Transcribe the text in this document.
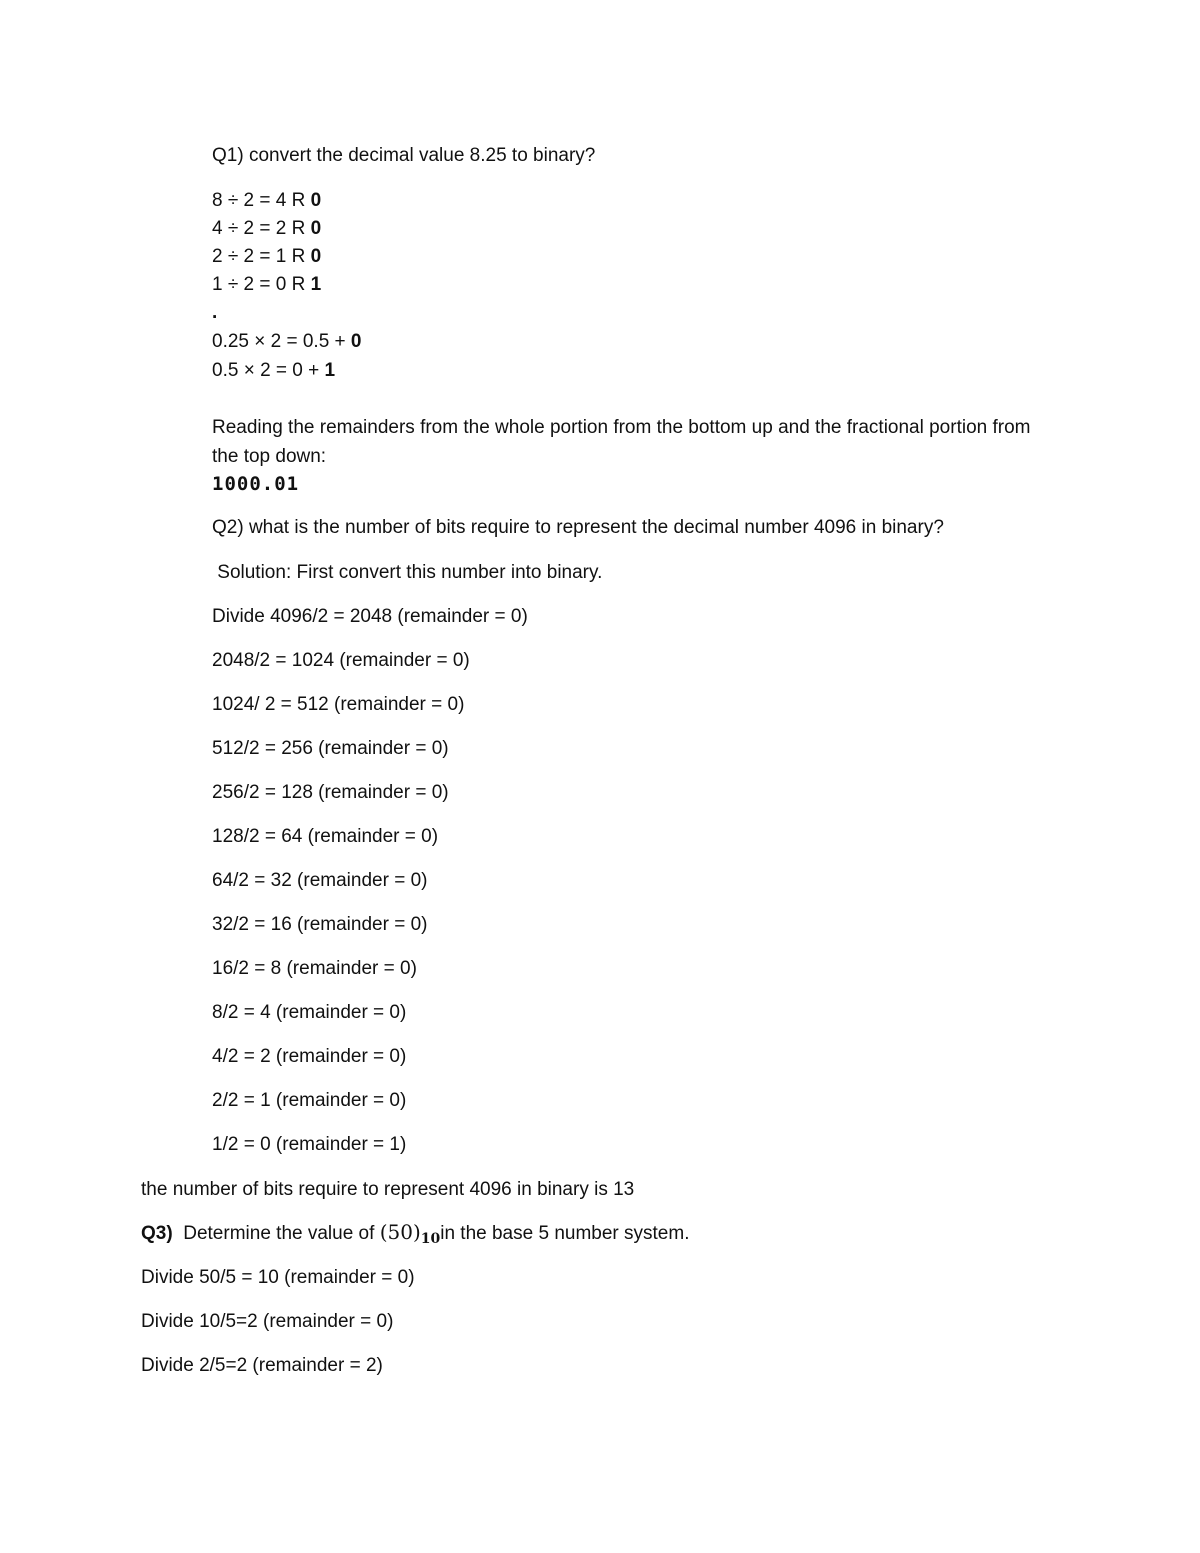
Q1) convert the decimal value 8.25 to binary?
8 ÷ 2 = 4 R 0
4 ÷ 2 = 2 R 0
2 ÷ 2 = 1 R 0
1 ÷ 2 = 0 R 1
.
0.25 × 2 = 0.5 + 0
0.5 × 2 = 0 + 1
Reading the remainders from the whole portion from the bottom up and the fractional portion from the top down:
1000.01
Q2) what is the number of bits require to represent the decimal number 4096 in binary?
Solution: First convert this number into binary.
Divide 4096/2 = 2048 (remainder = 0)
2048/2 = 1024 (remainder = 0)
1024/ 2 = 512 (remainder = 0)
512/2 = 256 (remainder = 0)
256/2 = 128 (remainder = 0)
128/2 = 64 (remainder = 0)
64/2 = 32 (remainder = 0)
32/2 = 16 (remainder = 0)
16/2 = 8 (remainder = 0)
8/2 = 4 (remainder = 0)
4/2 = 2 (remainder = 0)
2/2 = 1 (remainder = 0)
1/2 = 0 (remainder = 1)
the number of bits require to represent 4096 in binary is 13
Q3)  Determine the value of $(50)_{10}in$ the base 5 number system.
Divide 50/5 = 10 (remainder = 0)
Divide 10/5=2 (remainder = 0)
Divide 2/5=2 (remainder = 2)
